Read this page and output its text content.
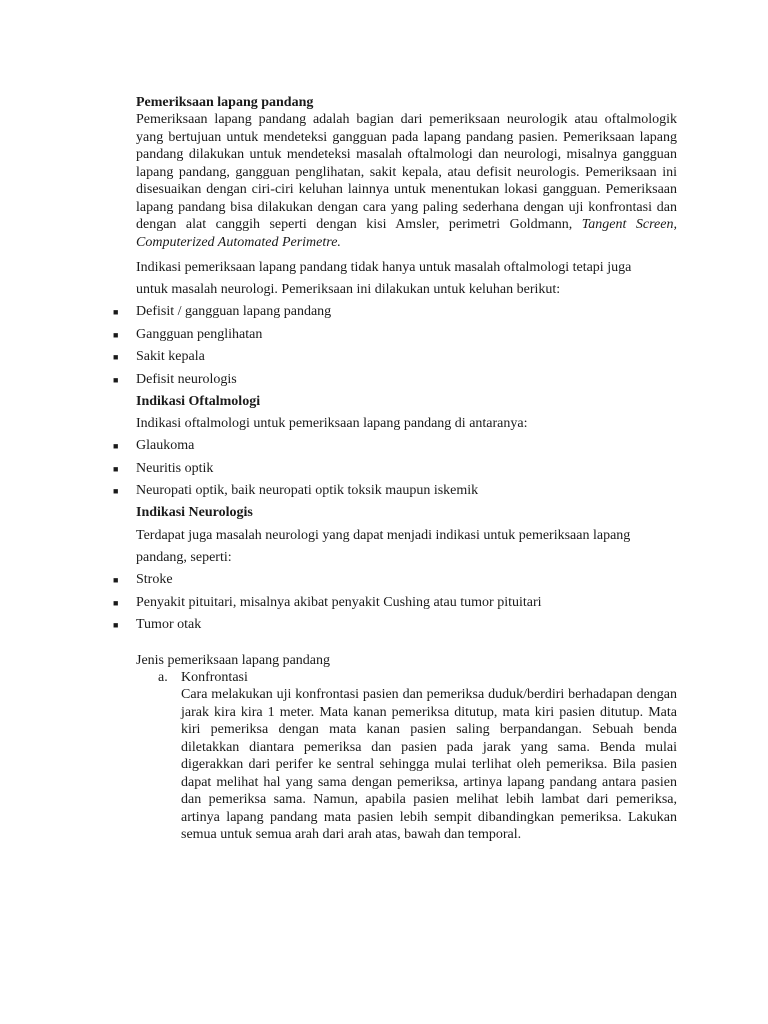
Pemeriksaan lapang pandang
Pemeriksaan lapang pandang adalah bagian dari pemeriksaan neurologik atau oftalmologik yang bertujuan untuk mendeteksi gangguan pada lapang pandang pasien. Pemeriksaan lapang pandang dilakukan untuk mendeteksi masalah oftalmologi dan neurologi, misalnya gangguan lapang pandang, gangguan penglihatan, sakit kepala, atau defisit neurologis. Pemeriksaan ini disesuaikan dengan ciri-ciri keluhan lainnya untuk menentukan lokasi gangguan. Pemeriksaan lapang pandang bisa dilakukan dengan cara yang paling sederhana dengan uji konfrontasi dan dengan alat canggih seperti dengan kisi Amsler, perimetri Goldmann, Tangent Screen, Computerized Automated Perimetre.
Indikasi pemeriksaan lapang pandang tidak hanya untuk masalah oftalmologi tetapi juga
untuk masalah neurologi. Pemeriksaan ini dilakukan untuk keluhan berikut:
■ Defisit / gangguan lapang pandang
■ Gangguan penglihatan
■ Sakit kepala
■ Defisit neurologis
Indikasi Oftalmologi
Indikasi oftalmologi untuk pemeriksaan lapang pandang di antaranya:
■ Glaukoma
■ Neuritis optik
■ Neuropati optik, baik neuropati optik toksik maupun iskemik
Indikasi Neurologis
Terdapat juga masalah neurologi yang dapat menjadi indikasi untuk pemeriksaan lapang
pandang, seperti:
■ Stroke
■ Penyakit pituitari, misalnya akibat penyakit Cushing atau tumor pituitari
■ Tumor otak
Jenis pemeriksaan lapang pandang
a. Konfrontasi
Cara melakukan uji konfrontasi pasien dan pemeriksa duduk/berdiri berhadapan dengan jarak kira kira 1 meter. Mata kanan pemeriksa ditutup, mata kiri pasien ditutup. Mata kiri pemeriksa dengan mata kanan pasien saling berpandangan. Sebuah benda diletakkan diantara pemeriksa dan pasien pada jarak yang sama. Benda mulai digerakkan dari perifer ke sentral sehingga mulai terlihat oleh pemeriksa. Bila pasien dapat melihat hal yang sama dengan pemeriksa, artinya lapang pandang antara pasien dan pemeriksa sama. Namun, apabila pasien melihat lebih lambat dari pemeriksa, artinya lapang pandang mata pasien lebih sempit dibandingkan pemeriksa. Lakukan semua untuk semua arah dari arah atas, bawah dan temporal.
